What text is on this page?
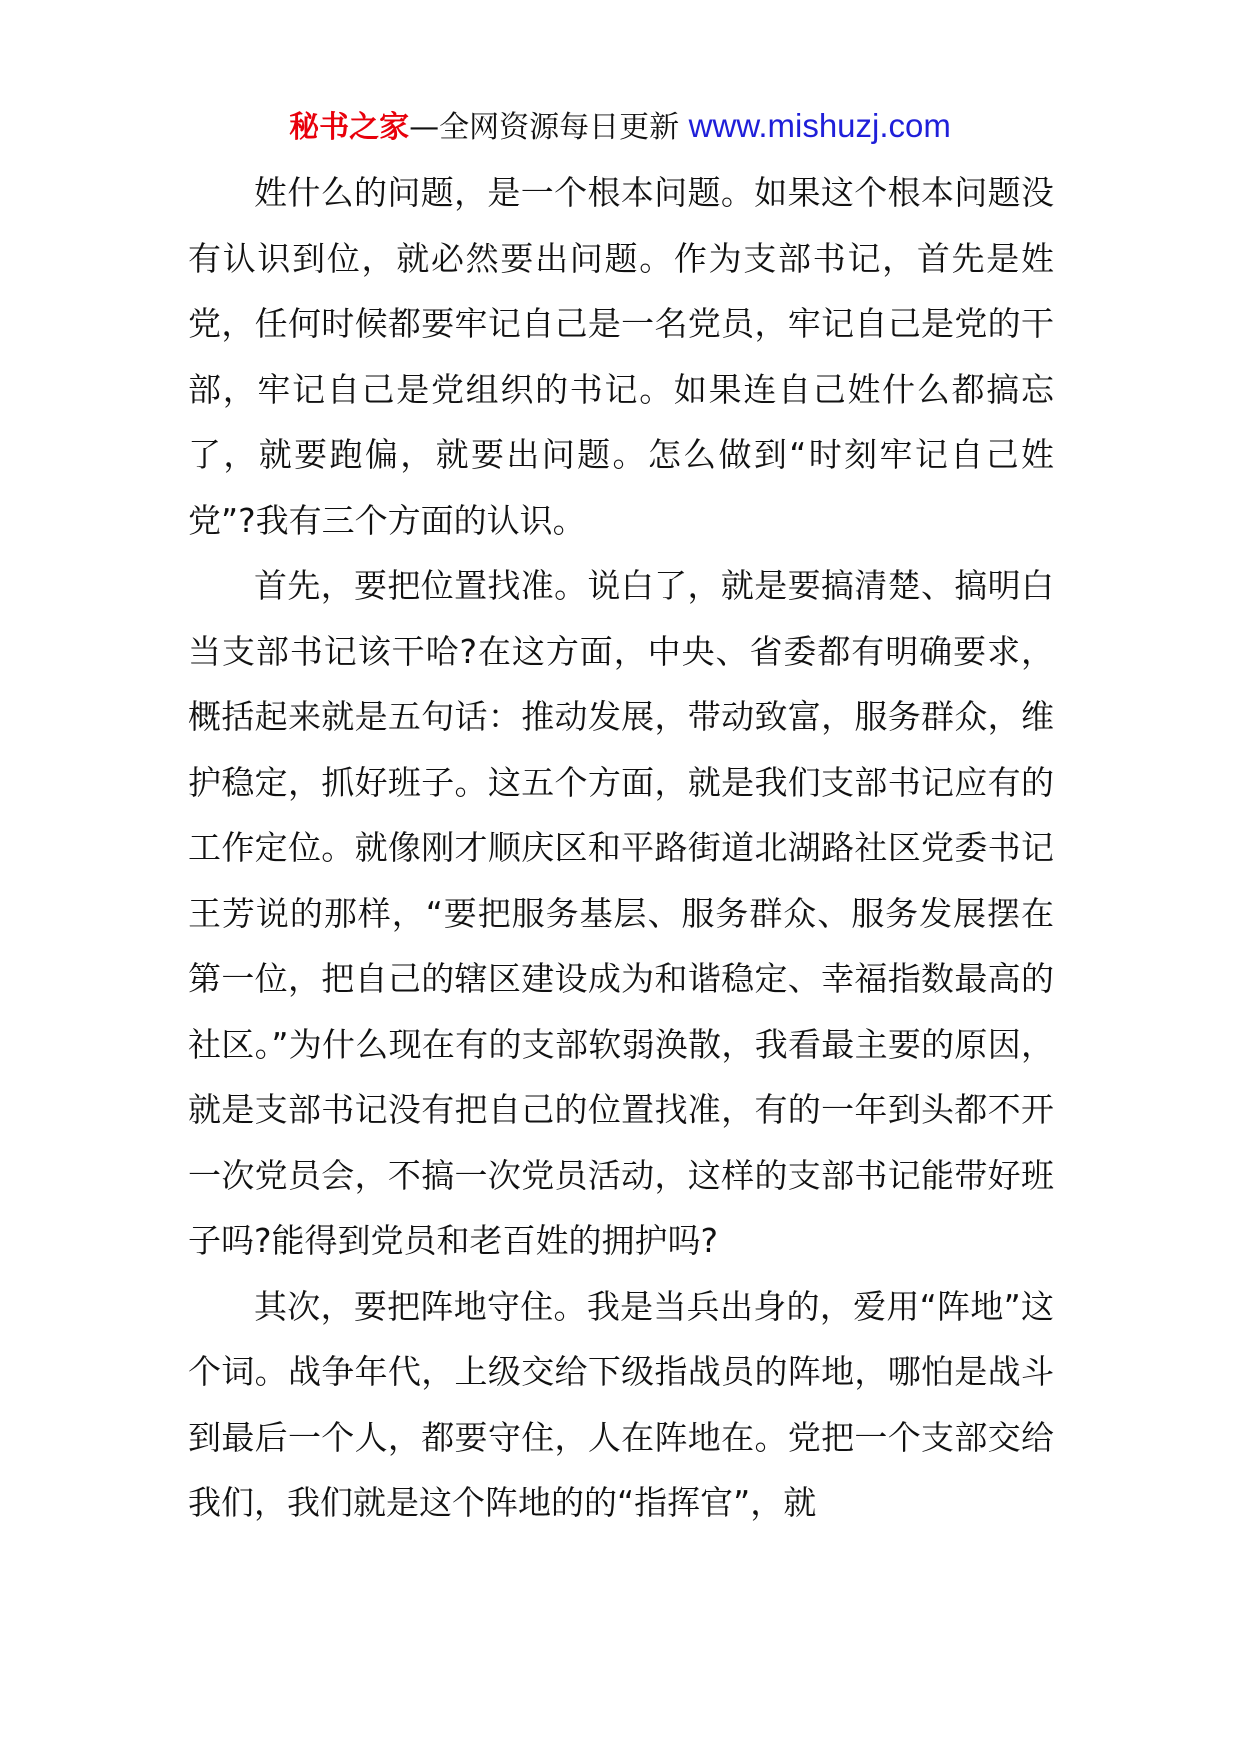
秘书之家—全网资源每日更新 www.mishuzj.com

姓什么的问题，是一个根本问题。如果这个根本问题没有认识到位，就必然要出问题。作为支部书记，首先是姓党，任何时候都要牢记自己是一名党员，牢记自己是党的干部，牢记自己是党组织的书记。如果连自己姓什么都搞忘了，就要跑偏，就要出问题。怎么做到“时刻牢记自己姓党”?我有三个方面的认识。

首先，要把位置找准。说白了，就是要搞清楚、搞明白当支部书记该干哈?在这方面，中央、省委都有明确要求，概括起来就是五句话：推动发展，带动致富，服务群众，维护稳定，抓好班子。这五个方面，就是我们支部书记应有的工作定位。就像刚才顺庆区和平路街道北湖路社区党委书记王芳说的那样，“要把服务基层、服务群众、服务发展摆在第一位，把自己的辖区建设成为和谐稳定、幸福指数最高的社区。”为什么现在有的支部软弱涣散，我看最主要的原因，就是支部书记没有把自己的位置找准，有的一年到头都不开一次党员会，不搞一次党员活动，这样的支部书记能带好班子吗?能得到党员和老百姓的拥护吗?

其次，要把阵地守住。我是当兵出身的，爱用“阵地”这个词。战争年代，上级交给下级指战员的阵地，哪怕是战斗到最后一个人，都要守住，人在阵地在。党把一个支部交给我们，我们就是这个阵地的的“指挥官”，就
